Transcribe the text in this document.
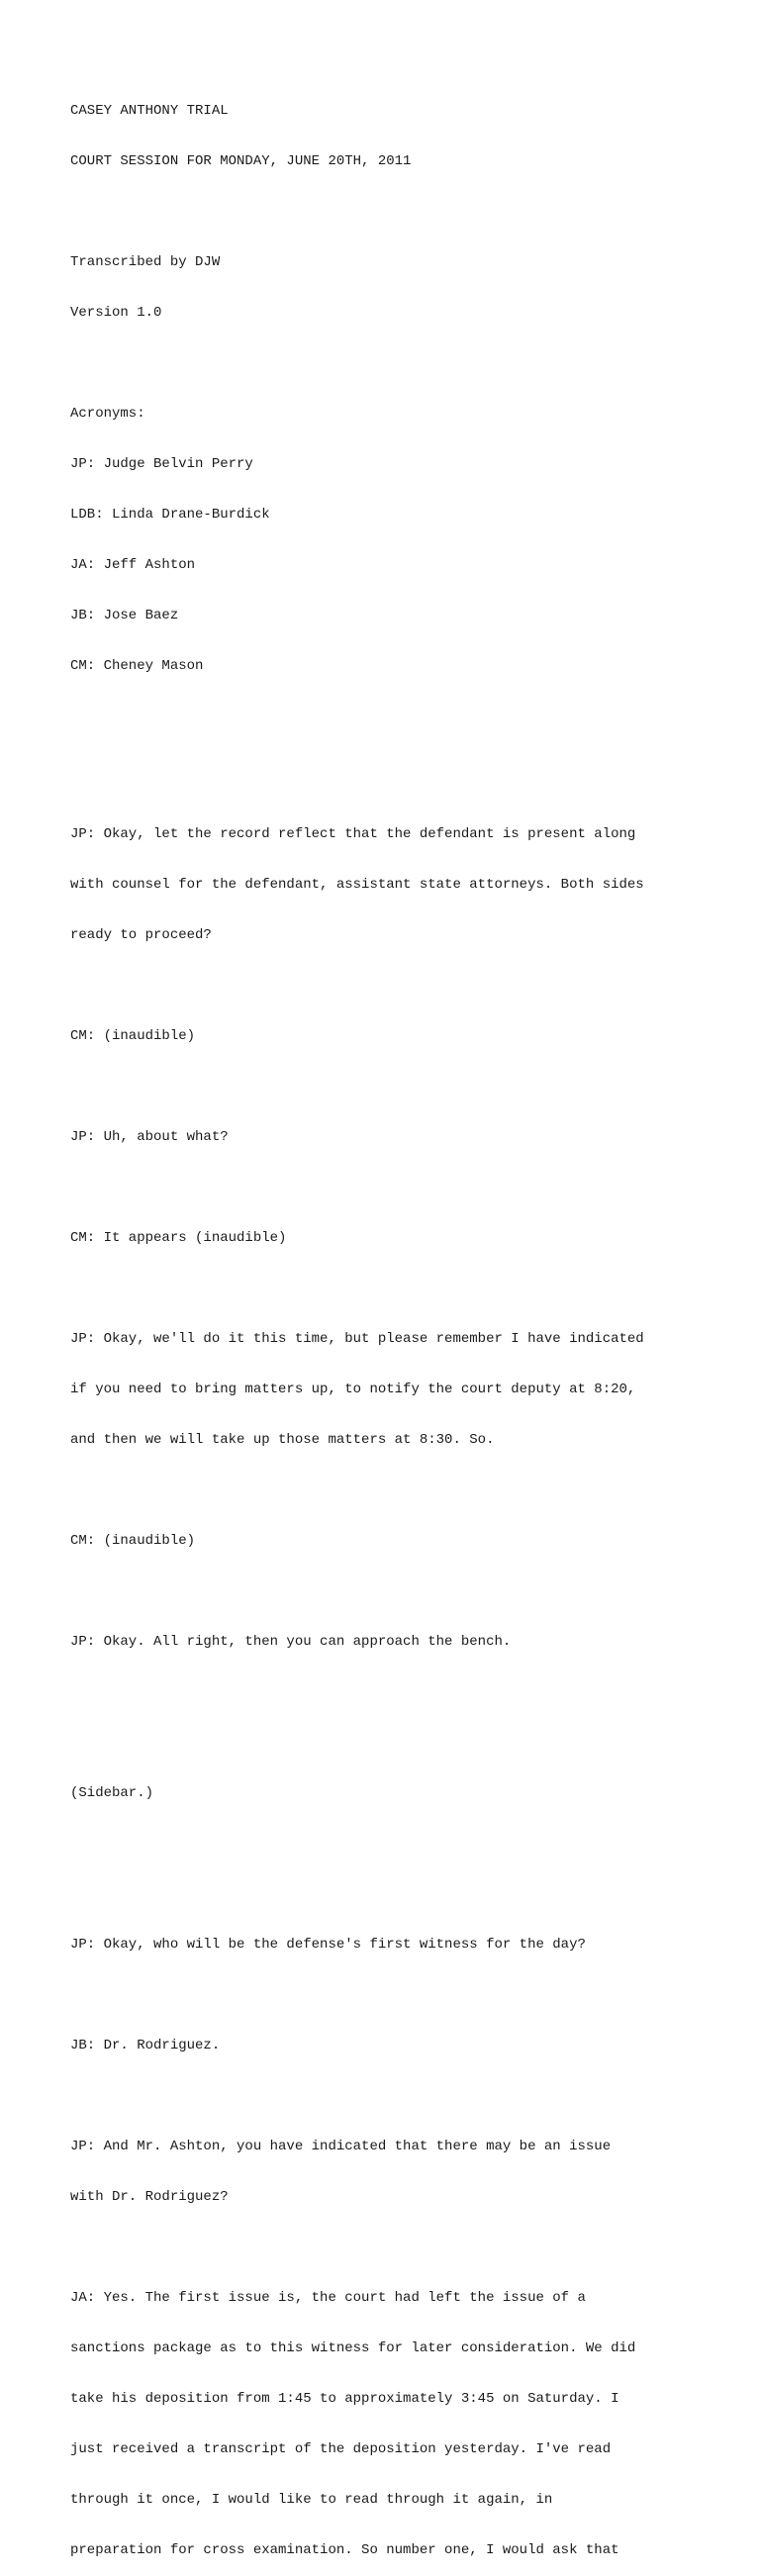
CASEY ANTHONY TRIAL

COURT SESSION FOR MONDAY, JUNE 20TH, 2011

Transcribed by DJW

Version 1.0

Acronyms:

JP: Judge Belvin Perry

LDB: Linda Drane-Burdick

JA: Jeff Ashton

JB: Jose Baez

CM: Cheney Mason

JP: Okay, let the record reflect that the defendant is present along

with counsel for the defendant, assistant state attorneys. Both sides

ready to proceed?

CM: (inaudible)

JP: Uh, about what?

CM: It appears (inaudible)

JP: Okay, we'll do it this time, but please remember I have indicated

if you need to bring matters up, to notify the court deputy at 8:20,

and then we will take up those matters at 8:30. So.

CM: (inaudible)

JP: Okay. All right, then you can approach the bench.

(Sidebar.)

JP: Okay, who will be the defense's first witness for the day?

JB: Dr. Rodriguez.

JP: And Mr. Ashton, you have indicated that there may be an issue

with Dr. Rodriguez?

JA: Yes. The first issue is, the court had left the issue of a

sanctions package as to this witness for later consideration. We did

take his deposition from 1:45 to approximately 3:45 on Saturday. I

just received a transcript of the deposition yesterday. I've read

through it once, I would like to read through it again, in

preparation for cross examination. So number one, I would ask that
